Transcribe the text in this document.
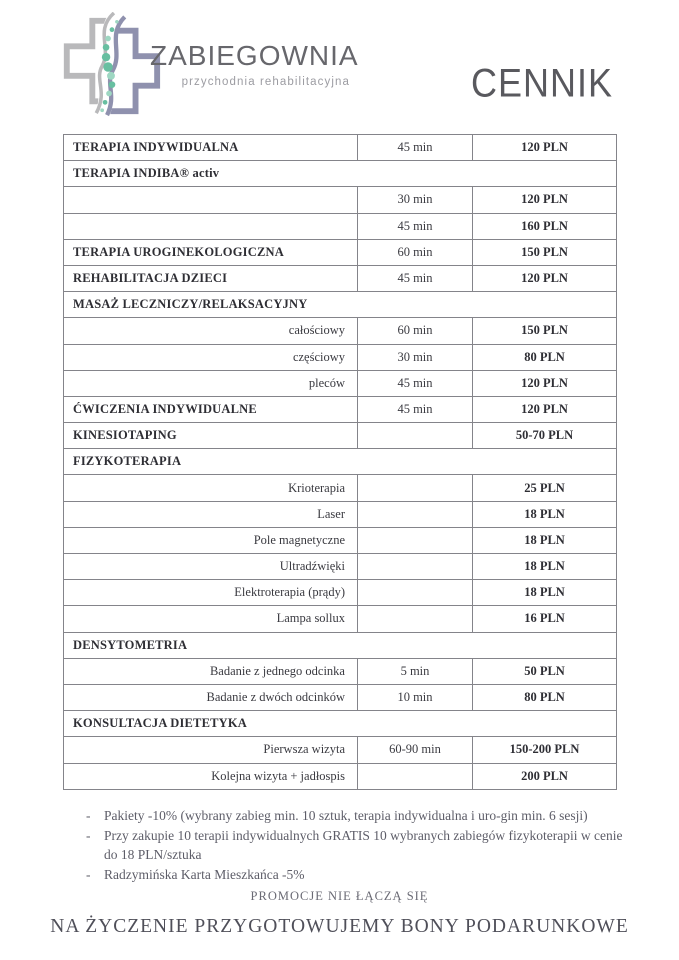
ZABIEGOWNIA
przychodnia rehabilitacyjna	CENNIK
TERAPIA INDYWIDUALNA	45 min	120 PLN
TERAPIA INDIBA® activ		
	30 min	120 PLN
	45 min	160 PLN
TERAPIA UROGINEKOLOGICZNA	60 min	150 PLN
REHABILITACJA DZIECI	45 min	120 PLN
MASAŻ LECZNICZY/RELAKSACYJNY		
całościowy	60 min	150 PLN
częściowy	30 min	80 PLN
pleców	45 min	120 PLN
ĆWICZENIA INDYWIDUALNE	45 min	120 PLN
KINESIOTAPING		50-70 PLN
FIZYKOTERAPIA		
Krioterapia		25 PLN
Laser		18 PLN
Pole magnetyczne		18 PLN
Ultradźwięki		18 PLN
Elektroterapia (prądy)		18 PLN
Lampa sollux		16 PLN
DENSYTOMETRIA		
Badanie z jednego odcinka	5 min	50 PLN
Badanie z dwóch odcinków	10 min	80 PLN
KONSULTACJA DIETETYKA		
Pierwsza wizyta	60-90 min	150-200 PLN
Kolejna wizyta + jadłospis		200 PLN
-	Pakiety -10% (wybrany zabieg min. 10 sztuk, terapia indywidualna i uro-gin min. 6 sesji)
-	Przy zakupie 10 terapii indywidualnych GRATIS 10 wybranych zabiegów fizykoterapii w cenie do 18 PLN/sztuka
-	Radzymińska Karta Mieszkańca -5%
PROMOCJE NIE ŁĄCZĄ SIĘ
NA ŻYCZENIE PRZYGOTOWUJEMY BONY PODARUNKOWE
